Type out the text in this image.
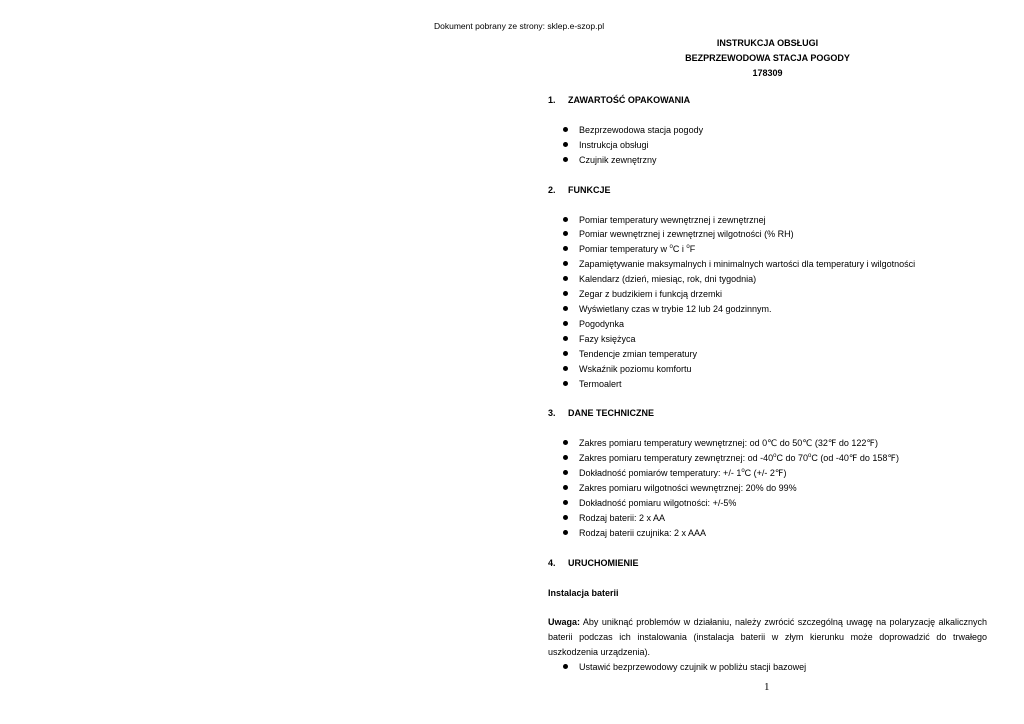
Dokument pobrany ze strony: sklep.e-szop.pl
INSTRUKCJA OBSŁUGI
BEZPRZEWODOWA STACJA POGODY
178309
1.	ZAWARTOŚĆ OPAKOWANIA
Bezprzewodowa stacja pogody
Instrukcja obsługi
Czujnik zewnętrzny
2.	FUNKCJE
Pomiar temperatury wewnętrznej i zewnętrznej
Pomiar wewnętrznej i zewnętrznej wilgotności (% RH)
Pomiar temperatury w $^o$C i $^o$F
Zapamiętywanie maksymalnych i minimalnych wartości dla temperatury i wilgotności
Kalendarz (dzień, miesiąc, rok, dni tygodnia)
Zegar z budzikiem i funkcją drzemki
Wyświetlany czas w trybie 12 lub 24 godzinnym.
Pogodynka
Fazy księżyca
Tendencje zmian temperatury
Wskaźnik poziomu komfortu
Termoalert
3.	DANE TECHNICZNE
Zakres pomiaru temperatury wewnętrznej: od 0℃ do 50℃ (32℉ do 122℉)
Zakres pomiaru temperatury zewnętrznej: od -40$^o$C do 70$^o$C (od -40℉ do 158℉)
Dokładność pomiarów temperatury: +/- 1$^o$C (+/- 2℉)
Zakres pomiaru wilgotności wewnętrznej: 20% do 99%
Dokładność pomiaru wilgotności: +/-5%
Rodzaj baterii: 2 x AA
Rodzaj baterii czujnika: 2 x AAA
4.	URUCHOMIENIE
Instalacja baterii

Uwaga: Aby uniknąć problemów w działaniu, należy zwrócić szczególną uwagę na polaryzację alkalicznych baterii podczas ich instalowania (instalacja baterii w złym kierunku może doprowadzić do trwałego uszkodzenia urządzenia).

Ustawić bezprzewodowy czujnik w pobliżu stacji bazowej
1
